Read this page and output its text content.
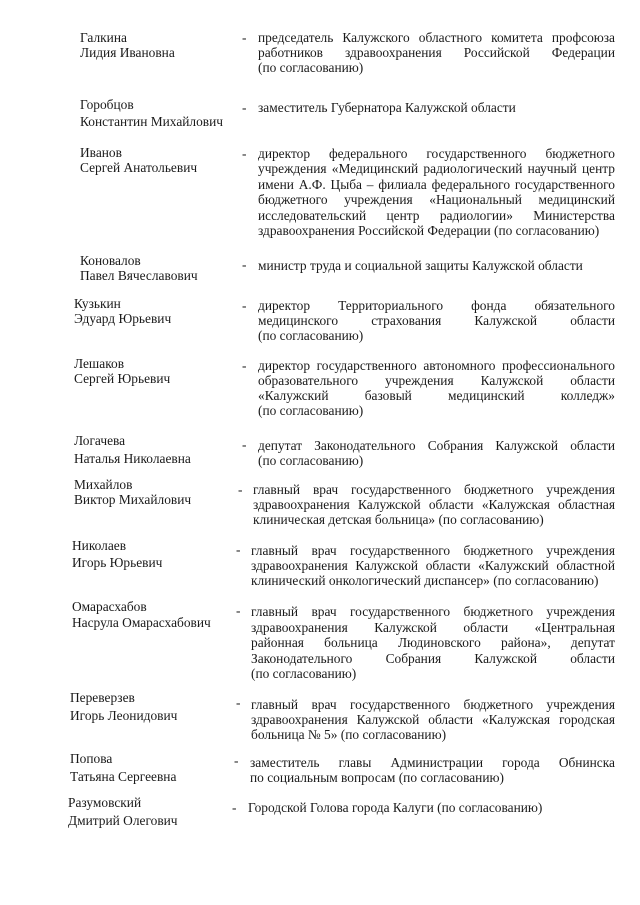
Галкина
Лидия Ивановна
- председатель Калужского областного комитета профсоюза
работников здравоохранения Российской Федерации
(по согласованию)
Горобцов
Константин Михайлович
- заместитель Губернатора Калужской области
Иванов
Сергей Анатольевич
- директор федерального государственного бюджетного
учреждения «Медицинский радиологический научный центр
имени А.Ф. Цыба – филиала федерального государственного
бюджетного учреждения «Национальный медицинский
исследовательский центр радиологии» Министерства
здравоохранения Российской Федерации (по согласованию)
Коновалов
Павел Вячеславович
- министр труда и социальной защиты Калужской области
Кузькин
Эдуард Юрьевич
- директор Территориального фонда обязательного
медицинского страхования Калужской области
(по согласованию)
Лешаков
Сергей Юрьевич
- директор государственного автономного профессионального
образовательного учреждения Калужской области
«Калужский базовый медицинский колледж»
(по согласованию)
Логачева
Наталья Николаевна
- депутат Законодательного Собрания Калужской области
(по согласованию)
Михайлов
Виктор Михайлович
- главный врач государственного бюджетного учреждения
здравоохранения Калужской области «Калужская областная
клиническая детская больница» (по согласованию)
Николаев
Игорь Юрьевич
- главный врач государственного бюджетного учреждения
здравоохранения Калужской области «Калужский областной
клинический онкологический диспансер» (по согласованию)
Омарасхабов
Насрула Омарасхабович
- главный врач государственного бюджетного учреждения
здравоохранения Калужской области «Центральная
районная больница Людиновского района», депутат
Законодательного Собрания Калужской области
(по согласованию)
Переверзев
Игорь Леонидович
- главный врач государственного бюджетного учреждения
здравоохранения Калужской области «Калужская городская
больница № 5» (по согласованию)
Попова
Татьяна Сергеевна
- заместитель главы Администрации города Обнинска
по социальным вопросам (по согласованию)
Разумовский
Дмитрий Олегович
- Городской Голова города Калуги (по согласованию)
